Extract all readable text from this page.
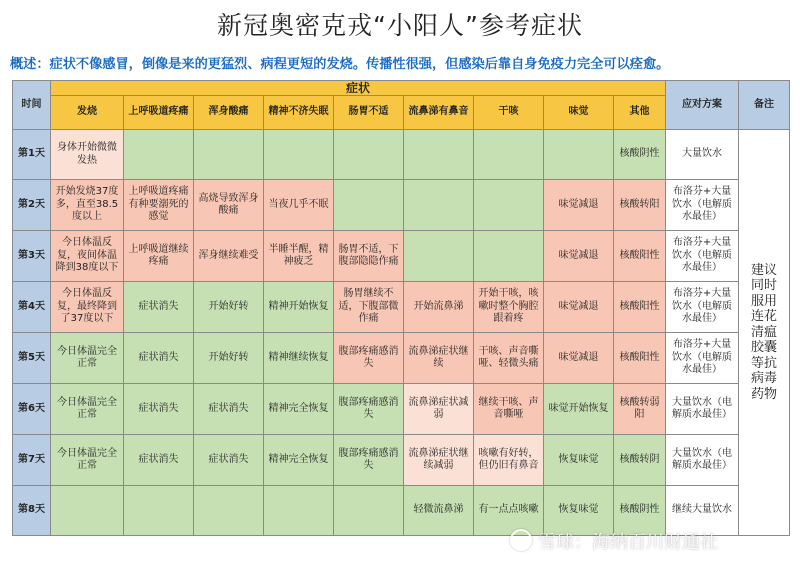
新冠奥密克戎“小阳人”参考症状
概述：症状不像感冒，倒像是来的更猛烈、病程更短的发烧。传播性很强，但感染后靠自身免疫力完全可以痊愈。
时间	症状									应对方案	备注
	发烧	上呼吸道疼痛	浑身酸痛	精神不济失眠	肠胃不适	流鼻涕有鼻音	干咳	味觉	其他		
第1天	身体开始微微发热								核酸阴性	大量饮水	建议同时服用连花清瘟胶囊等抗病毒药物
第2天	开始发烧37度多，直至38.5度以上	上呼吸道疼痛有种要溺死的感觉	高烧导致浑身酸痛	当夜几乎不眠				味觉减退	核酸转阳	布洛芬+大量饮水（电解质水最佳）	
第3天	今日体温反复，夜间体温降到38度以下	上呼吸道继续疼痛	浑身继续难受	半睡半醒，精神疲乏	肠胃不适，下腹部隐隐作痛			味觉减退	核酸阳性	布洛芬+大量饮水（电解质水最佳）	
第4天	今日体温反复，最终降到了37度以下	症状消失	开始好转	精神开始恢复	肠胃继续不适，下腹部微作痛	开始流鼻涕	开始干咳，咳嗽时整个胸腔跟着疼	味觉减退	核酸阳性	布洛芬+大量饮水（电解质水最佳）	
第5天	今日体温完全正常	症状消失	开始好转	精神继续恢复	腹部疼痛感消失	流鼻涕症状继续	干咳、声音嘶哑、轻微头痛	味觉减退	核酸阳性	布洛芬+大量饮水（电解质水最佳）	
第6天	今日体温完全正常	症状消失	症状消失	精神完全恢复	腹部疼痛感消失	流鼻涕症状减弱	继续干咳、声音嘶哑	味觉开始恢复	核酸转弱阳	大量饮水（电解质水最佳）	
第7天	今日体温完全正常	症状消失	症状消失	精神完全恢复	腹部疼痛感消失	流鼻涕症状继续减弱	咳嗽有好转，但仍旧有鼻音	恢复味觉	核酸转阴	大量饮水（电解质水最佳）	
第8天						轻微流鼻涕	有一点点咳嗽	恢复味觉	核酸阴性	继续大量饮水	
雪球：海纳百川财通社
